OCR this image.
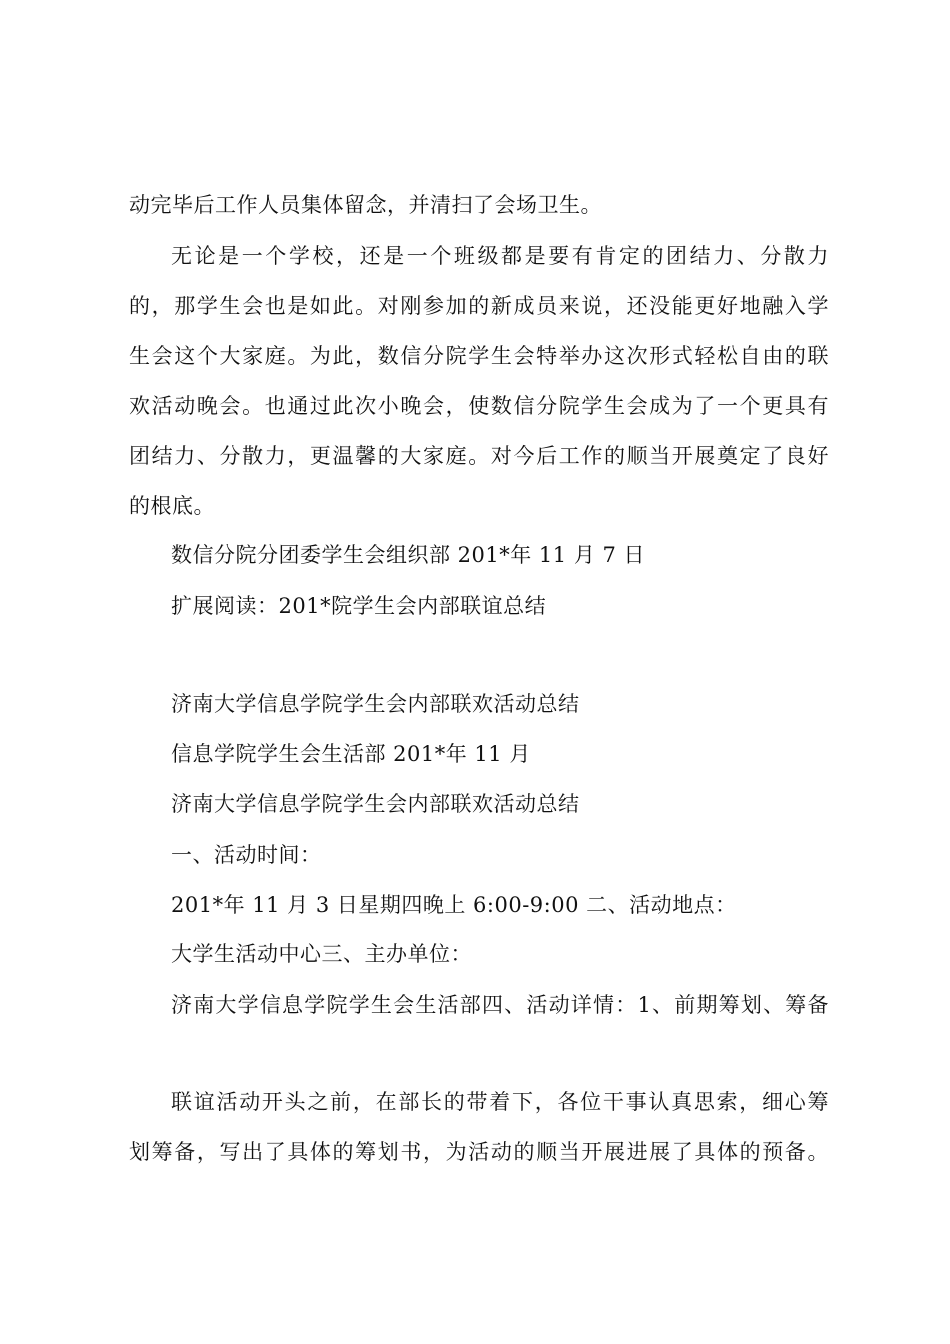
动完毕后工作人员集体留念，并清扫了会场卫生。
无论是一个学校，还是一个班级都是要有肯定的团结力、分散力
的，那学生会也是如此。对刚参加的新成员来说，还没能更好地融入学
生会这个大家庭。为此，数信分院学生会特举办这次形式轻松自由的联
欢活动晚会。也通过此次小晚会，使数信分院学生会成为了一个更具有
团结力、分散力，更温馨的大家庭。对今后工作的顺当开展奠定了良好
的根底。
数信分院分团委学生会组织部 201*年 11 月 7 日
扩展阅读：201*院学生会内部联谊总结
济南大学信息学院学生会内部联欢活动总结
信息学院学生会生活部 201*年 11 月
济南大学信息学院学生会内部联欢活动总结
一、活动时间：
201*年 11 月 3 日星期四晚上 6:00-9:00 二、活动地点：
大学生活动中心三、主办单位：
济南大学信息学院学生会生活部四、活动详情：1、前期筹划、筹备
联谊活动开头之前，在部长的带着下，各位干事认真思索，细心筹
划筹备，写出了具体的筹划书，为活动的顺当开展进展了具体的预备。
